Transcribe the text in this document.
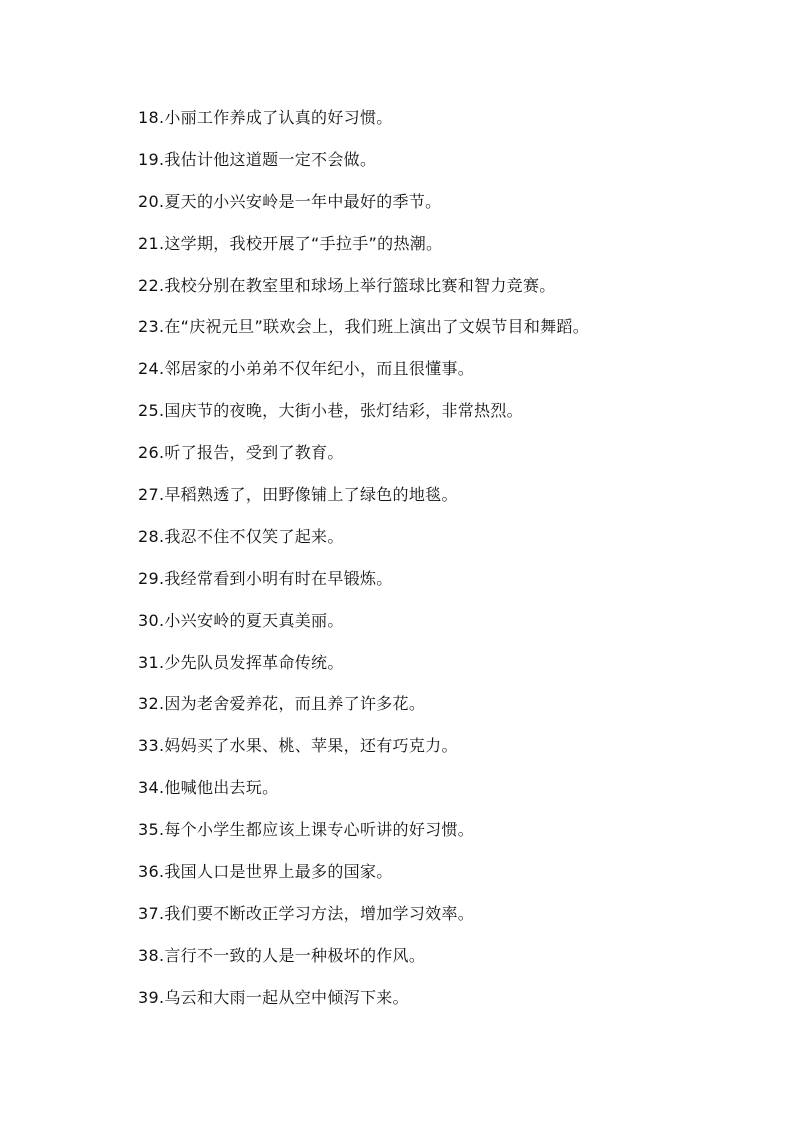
18.小丽工作养成了认真的好习惯。
19.我估计他这道题一定不会做。
20.夏天的小兴安岭是一年中最好的季节。
21.这学期，我校开展了“手拉手”的热潮。
22.我校分别在教室里和球场上举行篮球比赛和智力竞赛。
23.在“庆祝元旦”联欢会上，我们班上演出了文娱节目和舞蹈。
24.邻居家的小弟弟不仅年纪小，而且很懂事。
25.国庆节的夜晚，大街小巷，张灯结彩，非常热烈。
26.听了报告，受到了教育。
27.早稻熟透了，田野像铺上了绿色的地毯。
28.我忍不住不仅笑了起来。
29.我经常看到小明有时在早锻炼。
30.小兴安岭的夏天真美丽。
31.少先队员发挥革命传统。
32.因为老舍爱养花，而且养了许多花。
33.妈妈买了水果、桃、苹果，还有巧克力。
34.他喊他出去玩。
35.每个小学生都应该上课专心听讲的好习惯。
36.我国人口是世界上最多的国家。
37.我们要不断改正学习方法，增加学习效率。
38.言行不一致的人是一种极坏的作风。
39.乌云和大雨一起从空中倾泻下来。
